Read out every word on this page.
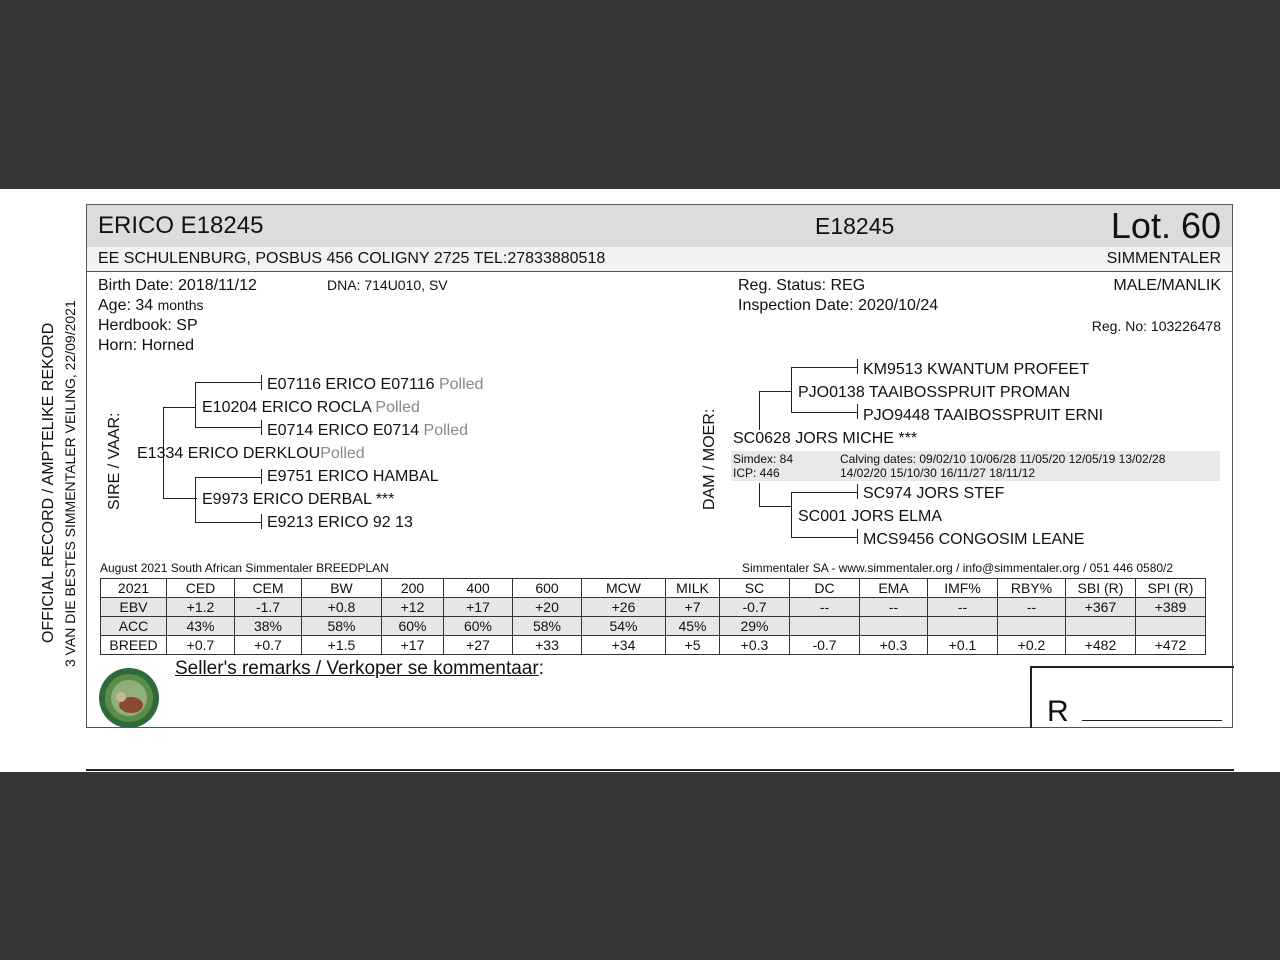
OFFICIAL RECORD / AMPTELIKE REKORD 3 VAN DIE BESTES SIMMENTALER VEILING, 22/09/2021
ERICO E18245	E18245	Lot. 60
EE SCHULENBURG, POSBUS 456 COLIGNY 2725 TEL:27833880518	SIMMENTALER
Birth Date: 2018/11/12	DNA: 714U010, SV
Age: 34 months
Herdbook: SP
Horn: Horned
Reg. Status: REG
Inspection Date: 2020/10/24
MALE/MANLIK
Reg. No: 103226478
SIRE / VAAR:
E07116 ERICO E07116 Polled
E10204 ERICO ROCLA Polled
E0714 ERICO E0714 Polled
E1334 ERICO DERKLOUPolled
E9751 ERICO HAMBAL
E9973 ERICO DERBAL ***
E9213 ERICO 92 13
DAM / MOER:
KM9513 KWANTUM PROFEET
PJO0138 TAAIBOSSPRUIT PROMAN
PJO9448 TAAIBOSSPRUIT ERNI
SC0628 JORS MICHE ***
Simdex: 84
ICP: 446
Calving dates: 09/02/10 10/06/28 11/05/20 12/05/19 13/02/28
14/02/20 15/10/30 16/11/27 18/11/12
SC974 JORS STEF
SC001 JORS ELMA
MCS9456 CONGOSIM LEANE
August 2021 South African Simmentaler BREEDPLAN	Simmentaler SA - www.simmentaler.org / info@simmentaler.org / 051 446 0580/2
2021	CED	CEM	BW	200	400	600	MCW	MILK	SC	DC	EMA	IMF%	RBY%	SBI (R)	SPI (R)
EBV	+1.2	-1.7	+0.8	+12	+17	+20	+26	+7	-0.7	--	--	--	--	+367	+389
ACC	43%	38%	58%	60%	60%	58%	54%	45%	29%						
BREED	+0.7	+0.7	+1.5	+17	+27	+33	+34	+5	+0.3	-0.7	+0.3	+0.1	+0.2	+482	+472
Seller's remarks / Verkoper se kommentaar:
R
